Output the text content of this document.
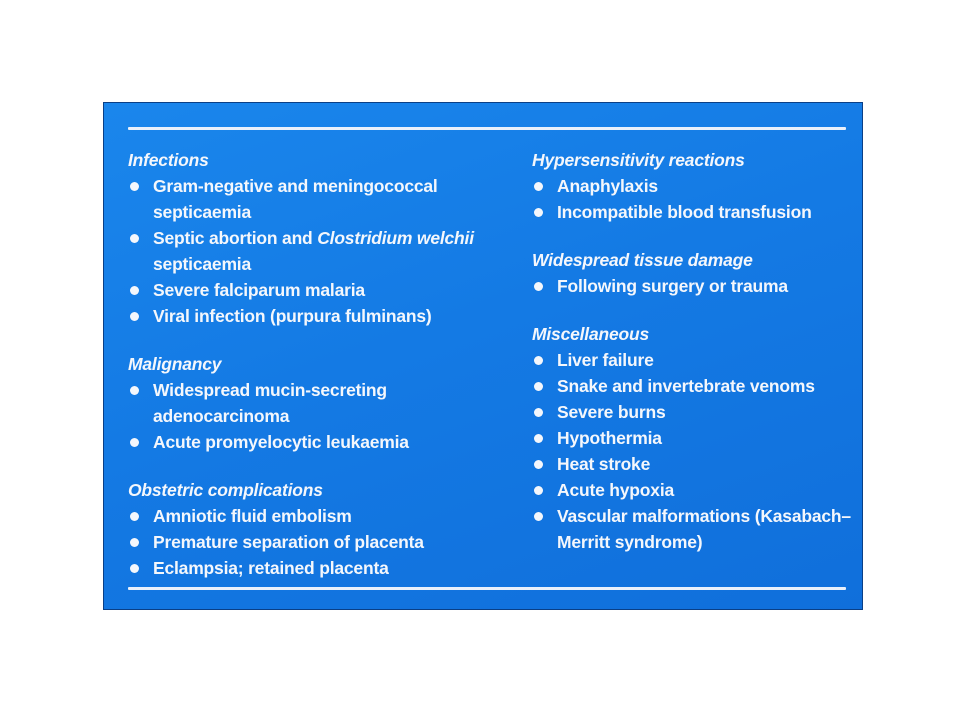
Infections

Gram-negative and meningococcal septicaemia
Septic abortion and Clostridium welchii septicaemia
Severe falciparum malaria
Viral infection (purpura fulminans)

Malignancy

Widespread mucin-secreting adenocarcinoma
Acute promyelocytic leukaemia

Obstetric complications

Amniotic fluid embolism
Premature separation of placenta
Eclampsia; retained placenta

Hypersensitivity reactions

Anaphylaxis
Incompatible blood transfusion

Widespread tissue damage

Following surgery or trauma

Miscellaneous

Liver failure
Snake and invertebrate venoms
Severe burns
Hypothermia
Heat stroke
Acute hypoxia
Vascular malformations (Kasabach–Merritt syndrome)
